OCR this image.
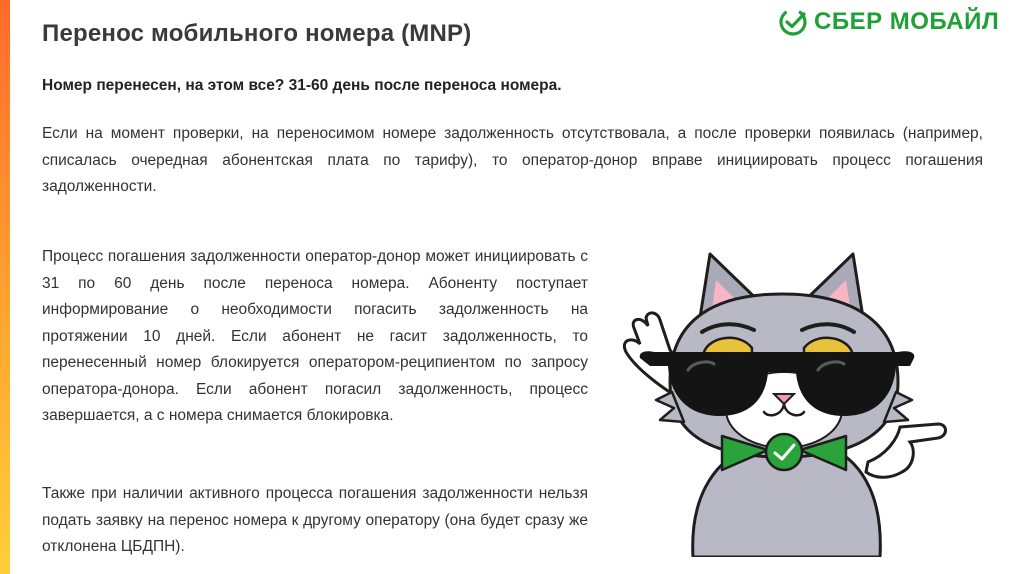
Перенос мобильного номера (MNP)	СБЕР МОБАЙЛ
Номер перенесен, на этом все? 31-60 день после переноса номера.

Если на момент проверки, на переносимом номере задолженность отсутствовала, а после проверки появилась (например, списалась очередная абонентская плата по тарифу), то оператор-донор вправе инициировать процесс погашения задолженности.

Процесс погашения задолженности оператор-донор может инициировать с 31 по 60 день после переноса номера. Абоненту поступает информирование о необходимости погасить задолженность на протяжении 10 дней. Если абонент не гасит задолженность, то перенесенный номер блокируется оператором-реципиентом по запросу оператора-донора. Если абонент погасил задолженность, процесс завершается, а с номера снимается блокировка.

Также при наличии активного процесса погашения задолженности нельзя подать заявку на перенос номера к другому оператору (она будет сразу же отклонена ЦБДПН).
